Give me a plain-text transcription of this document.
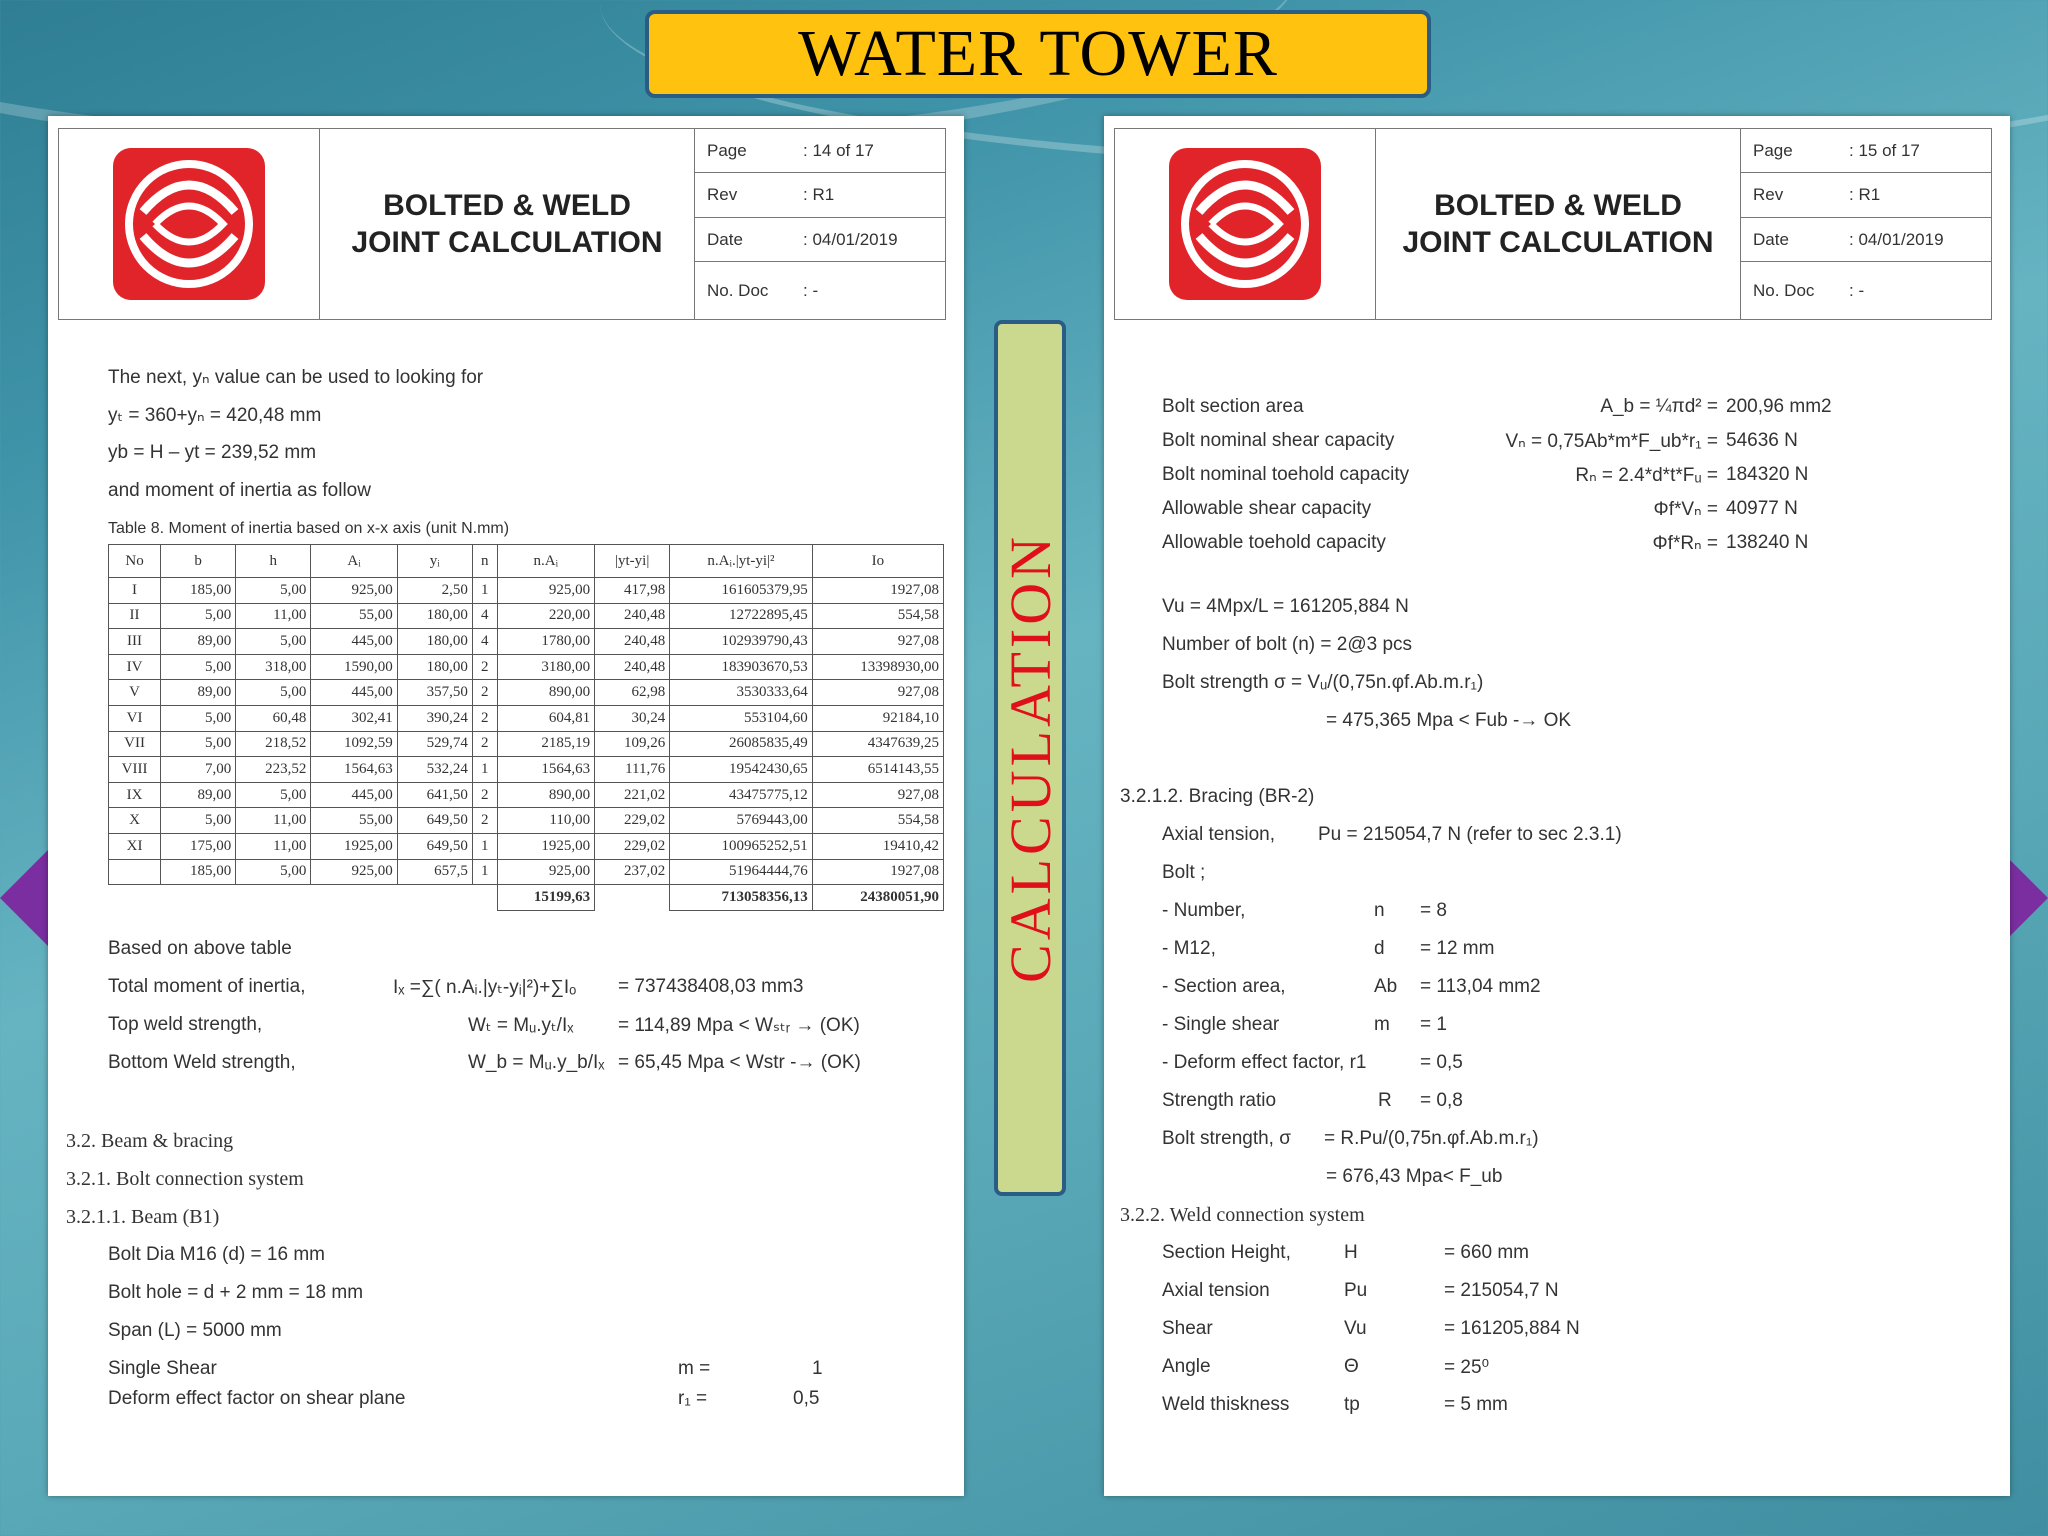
WATER TOWER
CALCULATION
BOLTED & WELD
JOINT CALCULATION
Page	: 14 of 17
Rev	: R1
Date	: 04/01/2019
No. Doc	: -
The next, yₙ value can be used to looking for
yₜ = 360+yₙ = 420,48 mm
yb = H – yt = 239,52 mm
and moment of inertia as follow
Table 8. Moment of inertia based on x-x axis (unit N.mm)
No	b	h	Aᵢ	yᵢ	n	n.Aᵢ	|yt-yi|	n.Aᵢ.|yt-yi|²	Io
I	185,00	5,00	925,00	2,50	1	925,00	417,98	161605379,95	1927,08
II	5,00	11,00	55,00	180,00	4	220,00	240,48	12722895,45	554,58
III	89,00	5,00	445,00	180,00	4	1780,00	240,48	102939790,43	927,08
IV	5,00	318,00	1590,00	180,00	2	3180,00	240,48	183903670,53	13398930,00
V	89,00	5,00	445,00	357,50	2	890,00	62,98	3530333,64	927,08
VI	5,00	60,48	302,41	390,24	2	604,81	30,24	553104,60	92184,10
VII	5,00	218,52	1092,59	529,74	2	2185,19	109,26	26085835,49	4347639,25
VIII	7,00	223,52	1564,63	532,24	1	1564,63	111,76	19542430,65	6514143,55
IX	89,00	5,00	445,00	641,50	2	890,00	221,02	43475775,12	927,08
X	5,00	11,00	55,00	649,50	2	110,00	229,02	5769443,00	554,58
XI	175,00	11,00	1925,00	649,50	1	1925,00	229,02	100965252,51	19410,42
	185,00	5,00	925,00	657,5	1	925,00	237,02	51964444,76	1927,08
						15199,63		713058356,13	24380051,90
Based on above table
Total moment of inertia,	Iₓ =∑( n.Aᵢ.|yₜ-yᵢ|²)+∑Iₒ = 737438408,03 mm3
Top weld strength,	Wₜ = Mᵤ.yₜ/Iₓ = 114,89 Mpa < Wₛₜᵣ → (OK)
Bottom Weld strength,	W_b = Mᵤ.y_b/Iₓ = 65,45 Mpa < Wstr -→ (OK)
3.2. Beam & bracing
3.2.1. Bolt connection system
3.2.1.1. Beam (B1)
Bolt Dia M16 (d) = 16 mm
Bolt hole = d + 2 mm = 18 mm
Span (L) = 5000 mm
Single Shear	m =	1
Deform effect factor on shear plane	r₁ =	0,5
BOLTED & WELD
JOINT CALCULATION
Page	: 15 of 17
Rev	: R1
Date	: 04/01/2019
No. Doc	: -
Vu = 4Mpx/L = 161205,884 N
Number of bolt (n) = 2@3 pcs
Bolt strength σ = Vᵤ/(0,75n.φf.Ab.m.r₁)
= 475,365 Mpa < Fub -→ OK
3.2.1.2. Bracing (BR-2)
Axial tension, Pu = 215054,7 N (refer to sec 2.3.1)
Bolt ;
Strength ratio	R = 0,8
Bolt strength, σ = R.Pu/(0,75n.φf.Ab.m.r₁)
= 676,43 Mpa< F_ub
3.2.2. Weld connection system
Bolt section area	A_b = ¼πd² = 200,96 mm2
Bolt nominal shear capacity	Vₙ = 0,75Ab*m*F_ub*r₁ = 54636 N
Bolt nominal toehold capacity	Rₙ = 2.4*d*t*Fᵤ = 184320 N
Allowable shear capacity	Φf*Vₙ = 40977 N
Allowable toehold capacity	Φf*Rₙ = 138240 N
- Number,	n = 8
- M12,	d = 12 mm
- Section area,	Ab = 113,04 mm2
- Single shear	m = 1
- Deform effect factor, r1	= 0,5
Section Height,	H	= 660 mm
Axial tension	Pu	= 215054,7 N
Shear	Vu	= 161205,884 N
Angle	Θ	= 25⁰
Weld thiskness	tp	= 5 mm
